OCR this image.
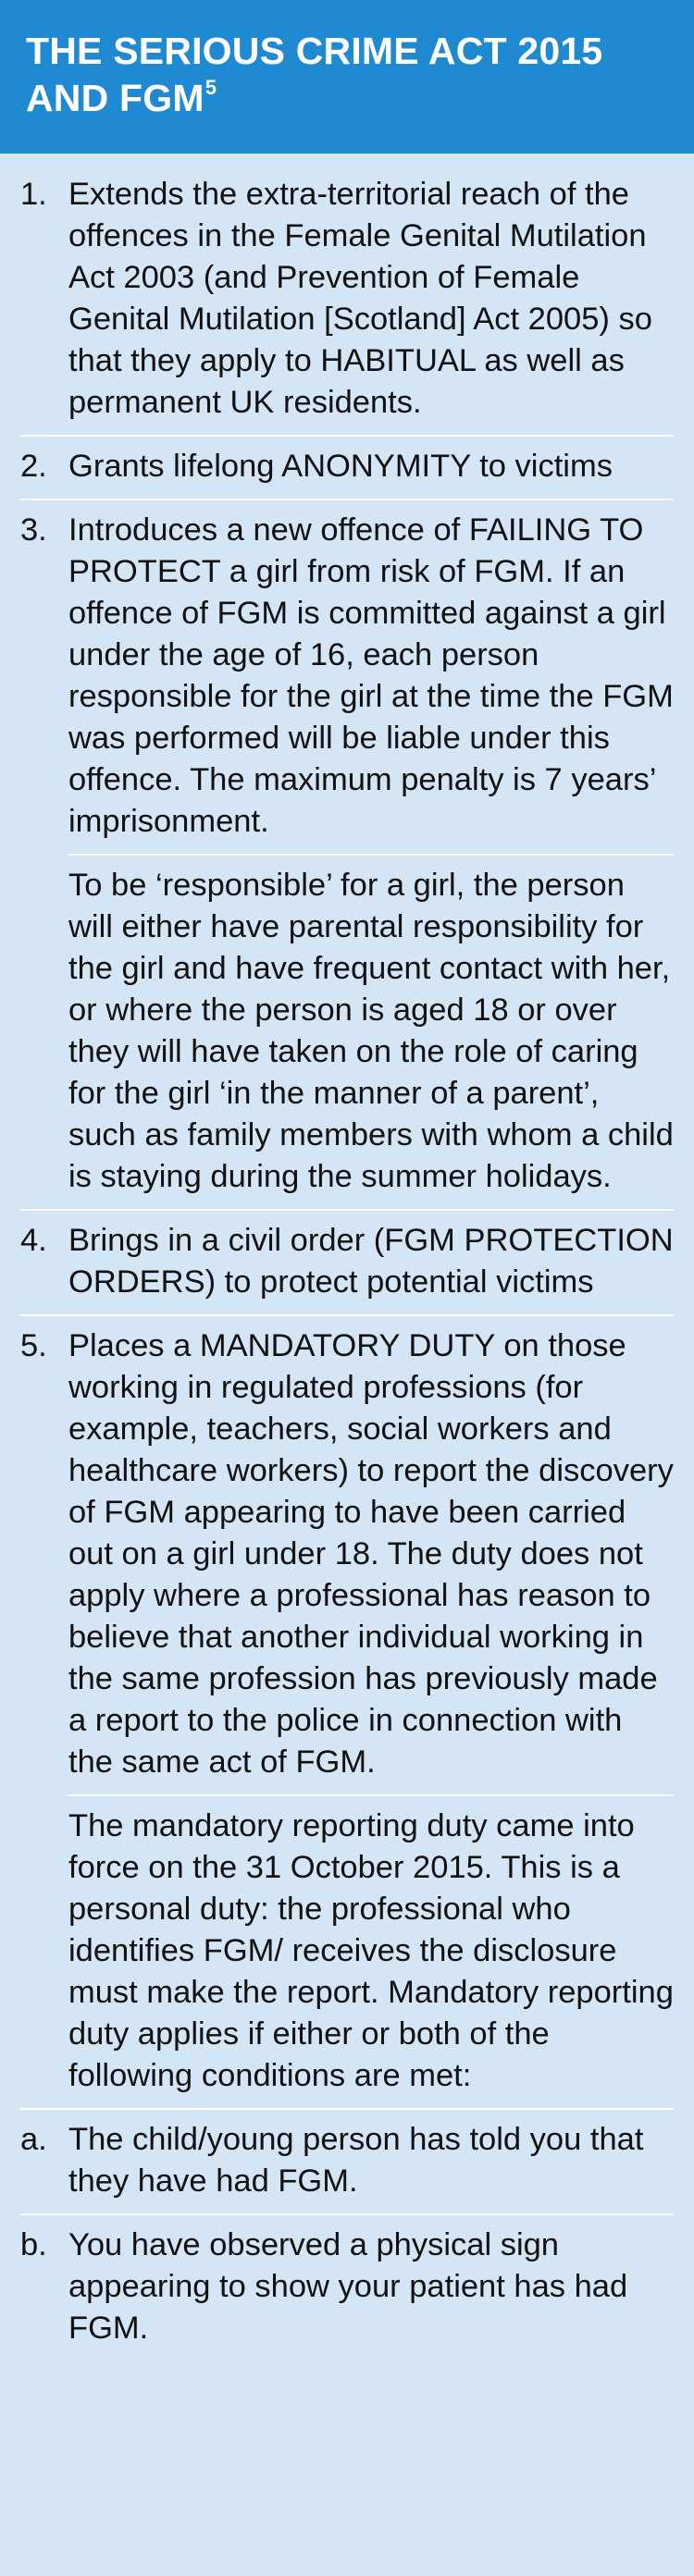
THE SERIOUS CRIME ACT 2015 AND FGM$^5$
1. Extends the extra-territorial reach of the offences in the Female Genital Mutilation Act 2003 (and Prevention of Female Genital Mutilation [Scotland] Act 2005) so that they apply to HABITUAL as well as permanent UK residents.

2. Grants lifelong ANONYMITY to victims

3. Introduces a new offence of FAILING TO PROTECT a girl from risk of FGM. If an offence of FGM is committed against a girl under the age of 16, each person responsible for the girl at the time the FGM was performed will be liable under this offence. The maximum penalty is 7 years’ imprisonment.

To be ‘responsible’ for a girl, the person will either have parental responsibility for the girl and have frequent contact with her, or where the person is aged 18 or over they will have taken on the role of caring for the girl ‘in the manner of a parent’, such as family members with whom a child is staying during the summer holidays.

4. Brings in a civil order (FGM PROTECTION ORDERS) to protect potential victims

5. Places a MANDATORY DUTY on those working in regulated professions (for example, teachers, social workers and healthcare workers) to report the discovery of FGM appearing to have been carried out on a girl under 18. The duty does not apply where a professional has reason to believe that another individual working in the same profession has previously made a report to the police in connection with the same act of FGM.

The mandatory reporting duty came into force on the 31 October 2015. This is a personal duty: the professional who identifies FGM/ receives the disclosure must make the report. Mandatory reporting duty applies if either or both of the following conditions are met:

a. The child/young person has told you that they have had FGM.
b. You have observed a physical sign appearing to show your patient has had FGM.
